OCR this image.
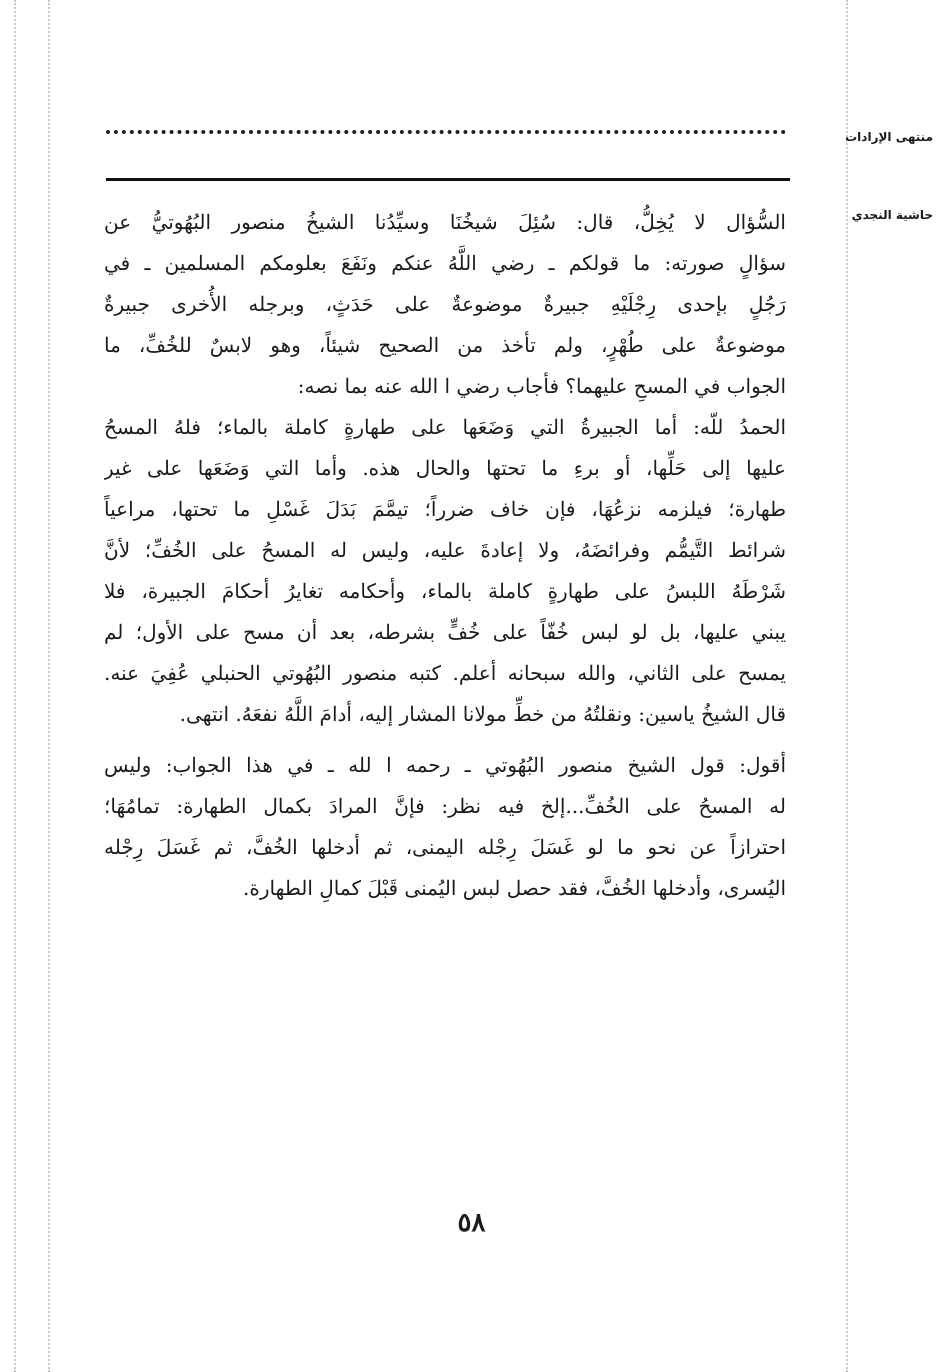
منتهى الإرادات
حاشية النجدي
السُّؤال لا يُخِلُّ، قال: سُئِلَ شيخُنَا وسيِّدُنا الشيخُ منصور البُهُوتيُّ عن
سؤالٍ صورته: ما قولكم ـ رضي اللَّهُ عنكم ونَفَعَ بعلومكم المسلمين ـ في
رَجُلٍ بإحدى رِجْلَيْهِ جبيرةٌ موضوعةٌ على حَدَثٍ، وبرجله الأُخرى جبيرةٌ
موضوعةٌ على طُهْرٍ، ولم تأخذ من الصحيح شيئاً، وهو لابسٌ للخُفِّ، ما
الجواب في المسحِ عليهما؟ فأجاب رضي ا الله عنه بما نصه:
الحمدُ للّه: أما الجبيرةُ التي وَضَعَها على طهارةٍ كاملة بالماء؛ فلهُ المسحُ
عليها إلى حَلِّها، أو برءِ ما تحتها والحال هذه. وأما التي وَضَعَها على غير
طهارة؛ فيلزمه نزعُهَا، فإن خاف ضرراً؛ تيمَّمَ بَدَلَ غَسْلِ ما تحتها، مراعياً
شرائط التَّيمُّم وفرائضَهُ، ولا إعادةَ عليه، وليس له المسحُ على الخُفِّ؛ لأنَّ
شَرْطَهُ اللبسُ على طهارةٍ كاملة بالماء، وأحكامه تغايرُ أحكامَ الجبيرة، فلا
يبني عليها، بل لو لبس خُفّاً على خُفٍّ بشرطه، بعد أن مسح على الأول؛ لم
يمسح على الثاني، والله سبحانه أعلم. كتبه منصور البُهُوتي الحنبلي عُفِيَ عنه.
قال الشيخُ ياسين: ونقلتُهُ من خطِّ مولانا المشار إليه، أدامَ اللَّهُ نفعَهُ. انتهى.
أقول: قول الشيخ منصور البُهُوتي ـ رحمه ا لله ـ في هذا الجواب: وليس
له المسحُ على الخُفِّ...إلخ فيه نظر: فإنَّ المرادَ بكمال الطهارة: تمامُهَا؛
احترازاً عن نحو ما لو غَسَلَ رِجْله اليمنى، ثم أدخلها الخُفَّ، ثم غَسَلَ رِجْله
اليُسرى، وأدخلها الخُفَّ، فقد حصل لبس اليُمنى قَبْلَ كمالِ الطهارة.
٥٨
